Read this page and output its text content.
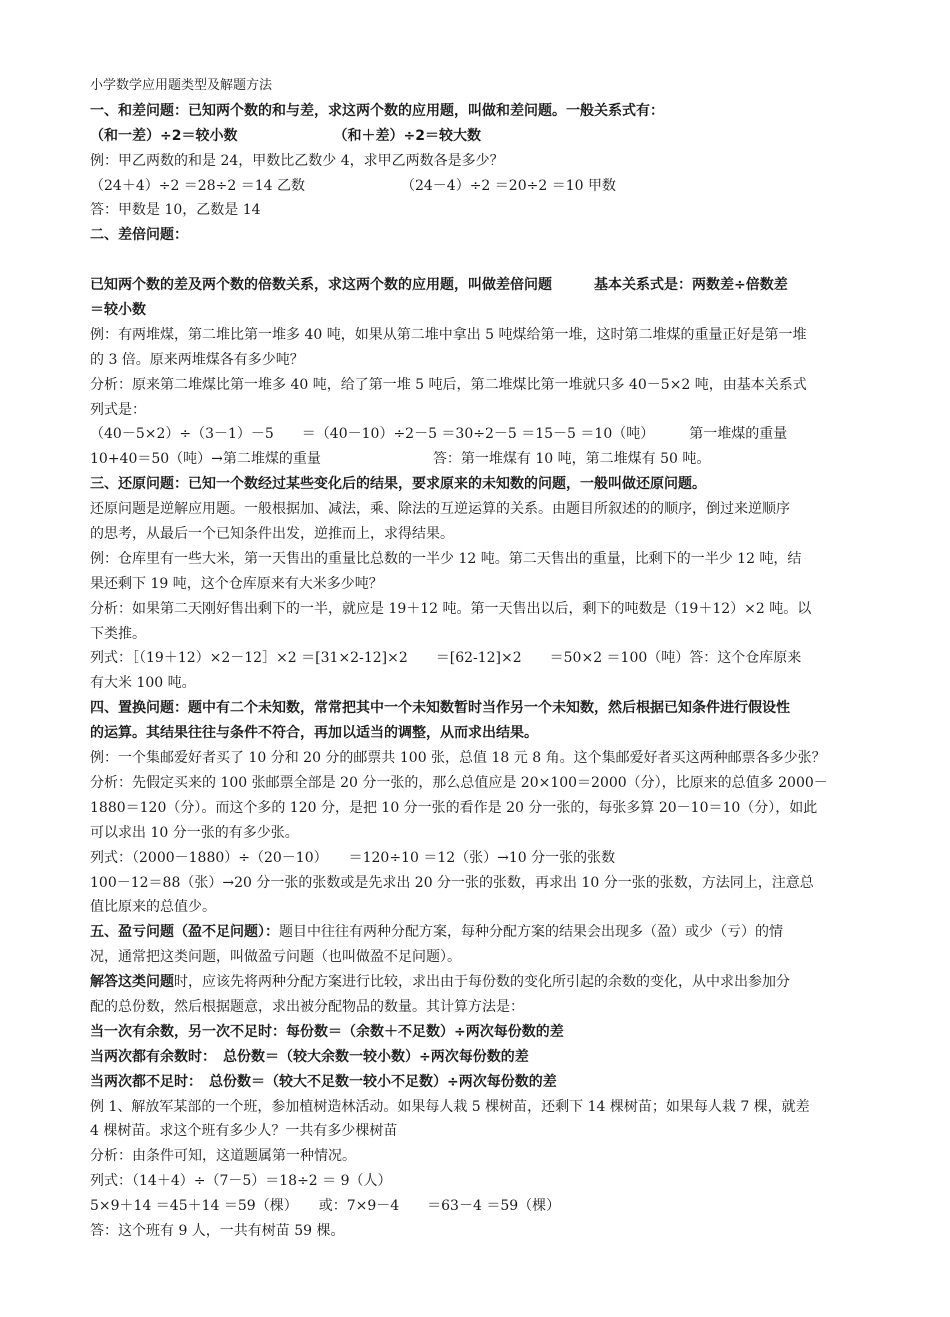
小学数学应用题类型及解题方法
一、和差问题：已知两个数的和与差，求这两个数的应用题，叫做和差问题。一般关系式有：
（和一差）÷2＝较小数	（和＋差）÷2＝较大数
例：甲乙两数的和是 24，甲数比乙数少 4，求甲乙两数各是多少？
（24＋4）÷2 ＝28÷2 ＝14 乙数	（24－4）÷2 ＝20÷2 ＝10 甲数
答：甲数是 10，乙数是 14
二、差倍问题：
已知两个数的差及两个数的倍数关系，求这两个数的应用题，叫做差倍问题　　　基本关系式是：两数差÷倍数差
＝较小数
例：有两堆煤，第二堆比第一堆多 40 吨，如果从第二堆中拿出 5 吨煤给第一堆，这时第二堆煤的重量正好是第一堆
的 3 倍。原来两堆煤各有多少吨？
分析：原来第二堆煤比第一堆多 40 吨，给了第一堆 5 吨后，第二堆煤比第一堆就只多 40－5×2 吨，由基本关系式
列式是：
（40－5×2）÷（3－1）－5　　＝（40－10）÷2－5 ＝30÷2－5 ＝15－5 ＝10（吨）　　　第一堆煤的重量
10+40＝50（吨）→第二堆煤的重量　　　　　　　　答：第一堆煤有 10 吨，第二堆煤有 50 吨。
三、还原问题：已知一个数经过某些变化后的结果，要求原来的未知数的问题，一般叫做还原问题。
还原问题是逆解应用题。一般根据加、减法，乘、除法的互逆运算的关系。由题目所叙述的的顺序，倒过来逆顺序
的思考，从最后一个已知条件出发，逆推而上，求得结果。
例：仓库里有一些大米，第一天售出的重量比总数的一半少 12 吨。第二天售出的重量，比剩下的一半少 12 吨，结
果还剩下 19 吨，这个仓库原来有大米多少吨？
分析：如果第二天刚好售出剩下的一半，就应是 19＋12 吨。第一天售出以后，剩下的吨数是（19＋12）×2 吨。以
下类推。
列式：［（19＋12）×2－12］×2 ＝[31×2-12]×2　　＝[62-12]×2　　＝50×2 ＝100（吨）答：这个仓库原来
有大米 100 吨。
四、置换问题：题中有二个未知数，常常把其中一个未知数暂时当作另一个未知数，然后根据已知条件进行假设性
的运算。其结果往往与条件不符合，再加以适当的调整，从而求出结果。
例：一个集邮爱好者买了 10 分和 20 分的邮票共 100 张，总值 18 元 8 角。这个集邮爱好者买这两种邮票各多少张？
分析：先假定买来的 100 张邮票全部是 20 分一张的，那么总值应是 20×100＝2000（分），比原来的总值多 2000－
1880＝120（分）。而这个多的 120 分，是把 10 分一张的看作是 20 分一张的，每张多算 20－10＝10（分），如此
可以求出 10 分一张的有多少张。
列式：（2000－1880）÷（20－10）　　＝120÷10 ＝12（张）→10 分一张的张数
100－12＝88（张）→20 分一张的张数或是先求出 20 分一张的张数，再求出 10 分一张的张数，方法同上，注意总
值比原来的总值少。
五、盈亏问题（盈不足问题）：题目中往往有两种分配方案，每种分配方案的结果会出现多（盈）或少（亏）的情
况，通常把这类问题，叫做盈亏问题（也叫做盈不足问题）。
解答这类问题时，应该先将两种分配方案进行比较，求出由于每份数的变化所引起的余数的变化，从中求出参加分
配的总份数，然后根据题意，求出被分配物品的数量。其计算方法是：
当一次有余数，另一次不足时：每份数＝（余数＋不足数）÷两次每份数的差
当两次都有余数时：　总份数＝（较大余数一较小数）÷两次每份数的差
当两次都不足时：　总份数＝（较大不足数一较小不足数）÷两次每份数的差
例 1、解放军某部的一个班，参加植树造林活动。如果每人栽 5 棵树苗，还剩下 14 棵树苗；如果每人栽 7 棵，就差
4 棵树苗。求这个班有多少人？一共有多少棵树苗
分析：由条件可知，这道题属第一种情况。
列式：（14＋4）÷（7－5）＝18÷2 ＝ 9（人）
5×9＋14 ＝45＋14 ＝59（棵）　　或：7×9－4　　＝63－4 ＝59（棵）
答：这个班有 9 人，一共有树苗 59 棵。
